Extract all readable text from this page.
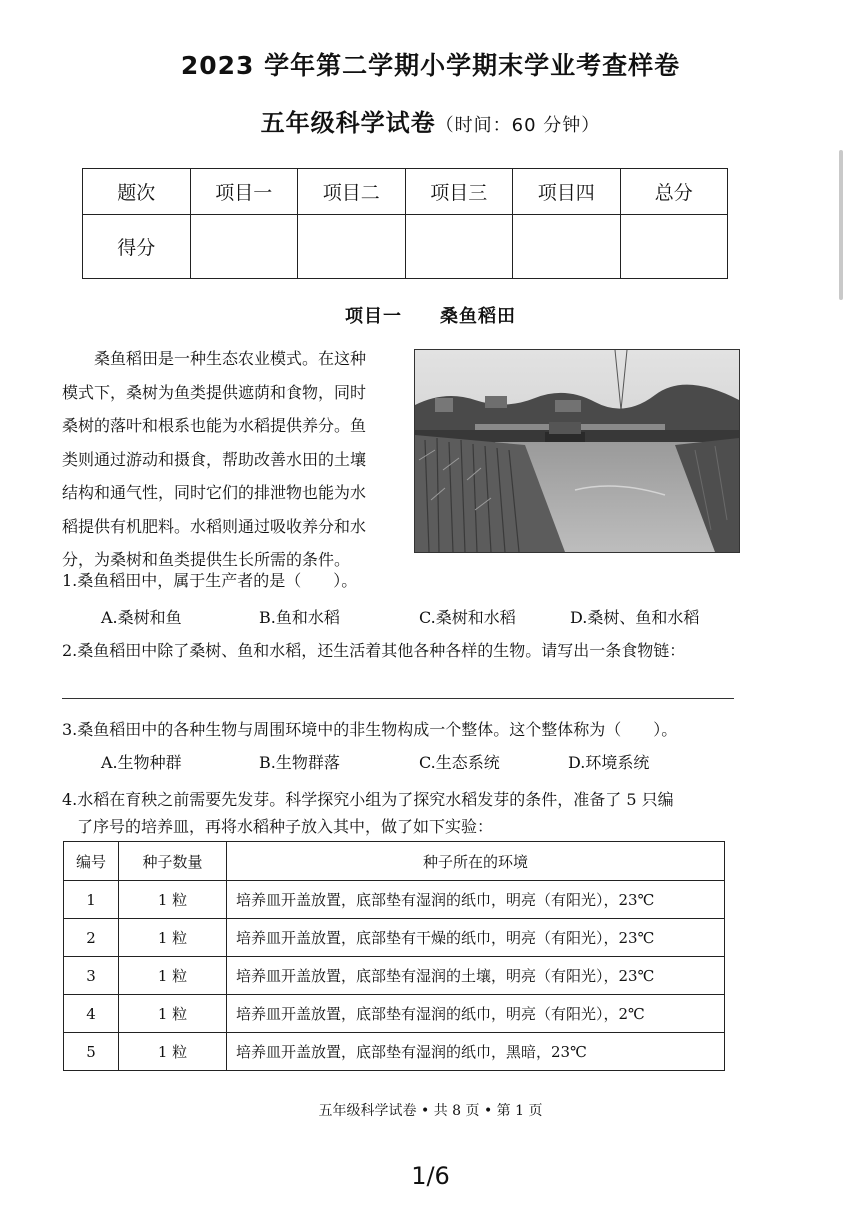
2023 学年第二学期小学期末学业考查样卷
五年级科学试卷（时间：60 分钟）
题次	项目一	项目二	项目三	项目四	总分
得分					
项目一 桑鱼稻田
桑鱼稻田是一种生态农业模式。在这种
模式下，桑树为鱼类提供遮荫和食物，同时
桑树的落叶和根系也能为水稻提供养分。鱼
类则通过游动和摄食，帮助改善水田的土壤
结构和通气性，同时它们的排泄物也能为水
稻提供有机肥料。水稻则通过吸收养分和水
分，为桑树和鱼类提供生长所需的条件。
1.桑鱼稻田中，属于生产者的是（　　）。
A.桑树和鱼	B.鱼和水稻	C.桑树和水稻	D.桑树、鱼和水稻
2.桑鱼稻田中除了桑树、鱼和水稻，还生活着其他各种各样的生物。请写出一条食物链：
3.桑鱼稻田中的各种生物与周围环境中的非生物构成一个整体。这个整体称为（　　）。
A.生物种群	B.生物群落	C.生态系统	D.环境系统
4.水稻在育秧之前需要先发芽。科学探究小组为了探究水稻发芽的条件，准备了 5 只编
了序号的培养皿，再将水稻种子放入其中，做了如下实验：
编号	种子数量	种子所在的环境
1	1 粒	培养皿开盖放置，底部垫有湿润的纸巾，明亮（有阳光），23℃
2	1 粒	培养皿开盖放置，底部垫有干燥的纸巾，明亮（有阳光），23℃
3	1 粒	培养皿开盖放置，底部垫有湿润的土壤，明亮（有阳光），23℃
4	1 粒	培养皿开盖放置，底部垫有湿润的纸巾，明亮（有阳光），2℃
5	1 粒	培养皿开盖放置，底部垫有湿润的纸巾，黑暗，23℃
五年级科学试卷 • 共 8 页 • 第 1 页
1/6
